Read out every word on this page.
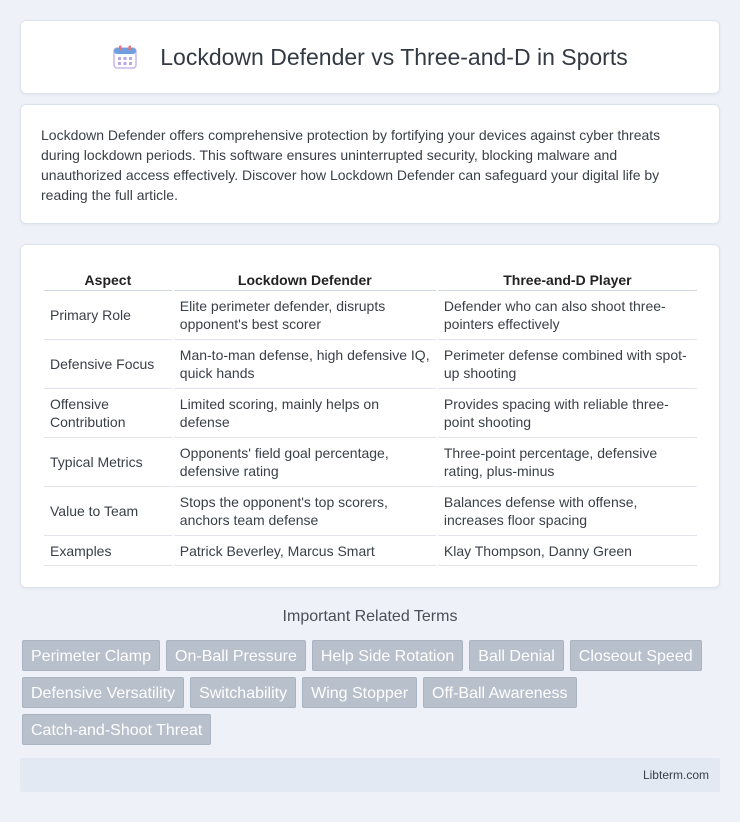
Lockdown Defender vs Three-and-D in Sports

Lockdown Defender offers comprehensive protection by fortifying your devices against cyber threats during lockdown periods. This software ensures uninterrupted security, blocking malware and unauthorized access effectively. Discover how Lockdown Defender can safeguard your digital life by reading the full article.

Aspect	Lockdown Defender	Three-and-D Player
Primary Role	Elite perimeter defender, disrupts opponent's best scorer	Defender who can also shoot three-pointers effectively
Defensive Focus	Man-to-man defense, high defensive IQ, quick hands	Perimeter defense combined with spot-up shooting
Offensive Contribution	Limited scoring, mainly helps on defense	Provides spacing with reliable three-point shooting
Typical Metrics	Opponents' field goal percentage, defensive rating	Three-point percentage, defensive rating, plus-minus
Value to Team	Stops the opponent's top scorers, anchors team defense	Balances defense with offense, increases floor spacing
Examples	Patrick Beverley, Marcus Smart	Klay Thompson, Danny Green
Important Related Terms
Perimeter Clamp	On-Ball Pressure	Help Side Rotation	Ball Denial	Closeout Speed
Defensive Versatility	Switchability	Wing Stopper	Off-Ball Awareness
Catch-and-Shoot Threat
Libterm.com
